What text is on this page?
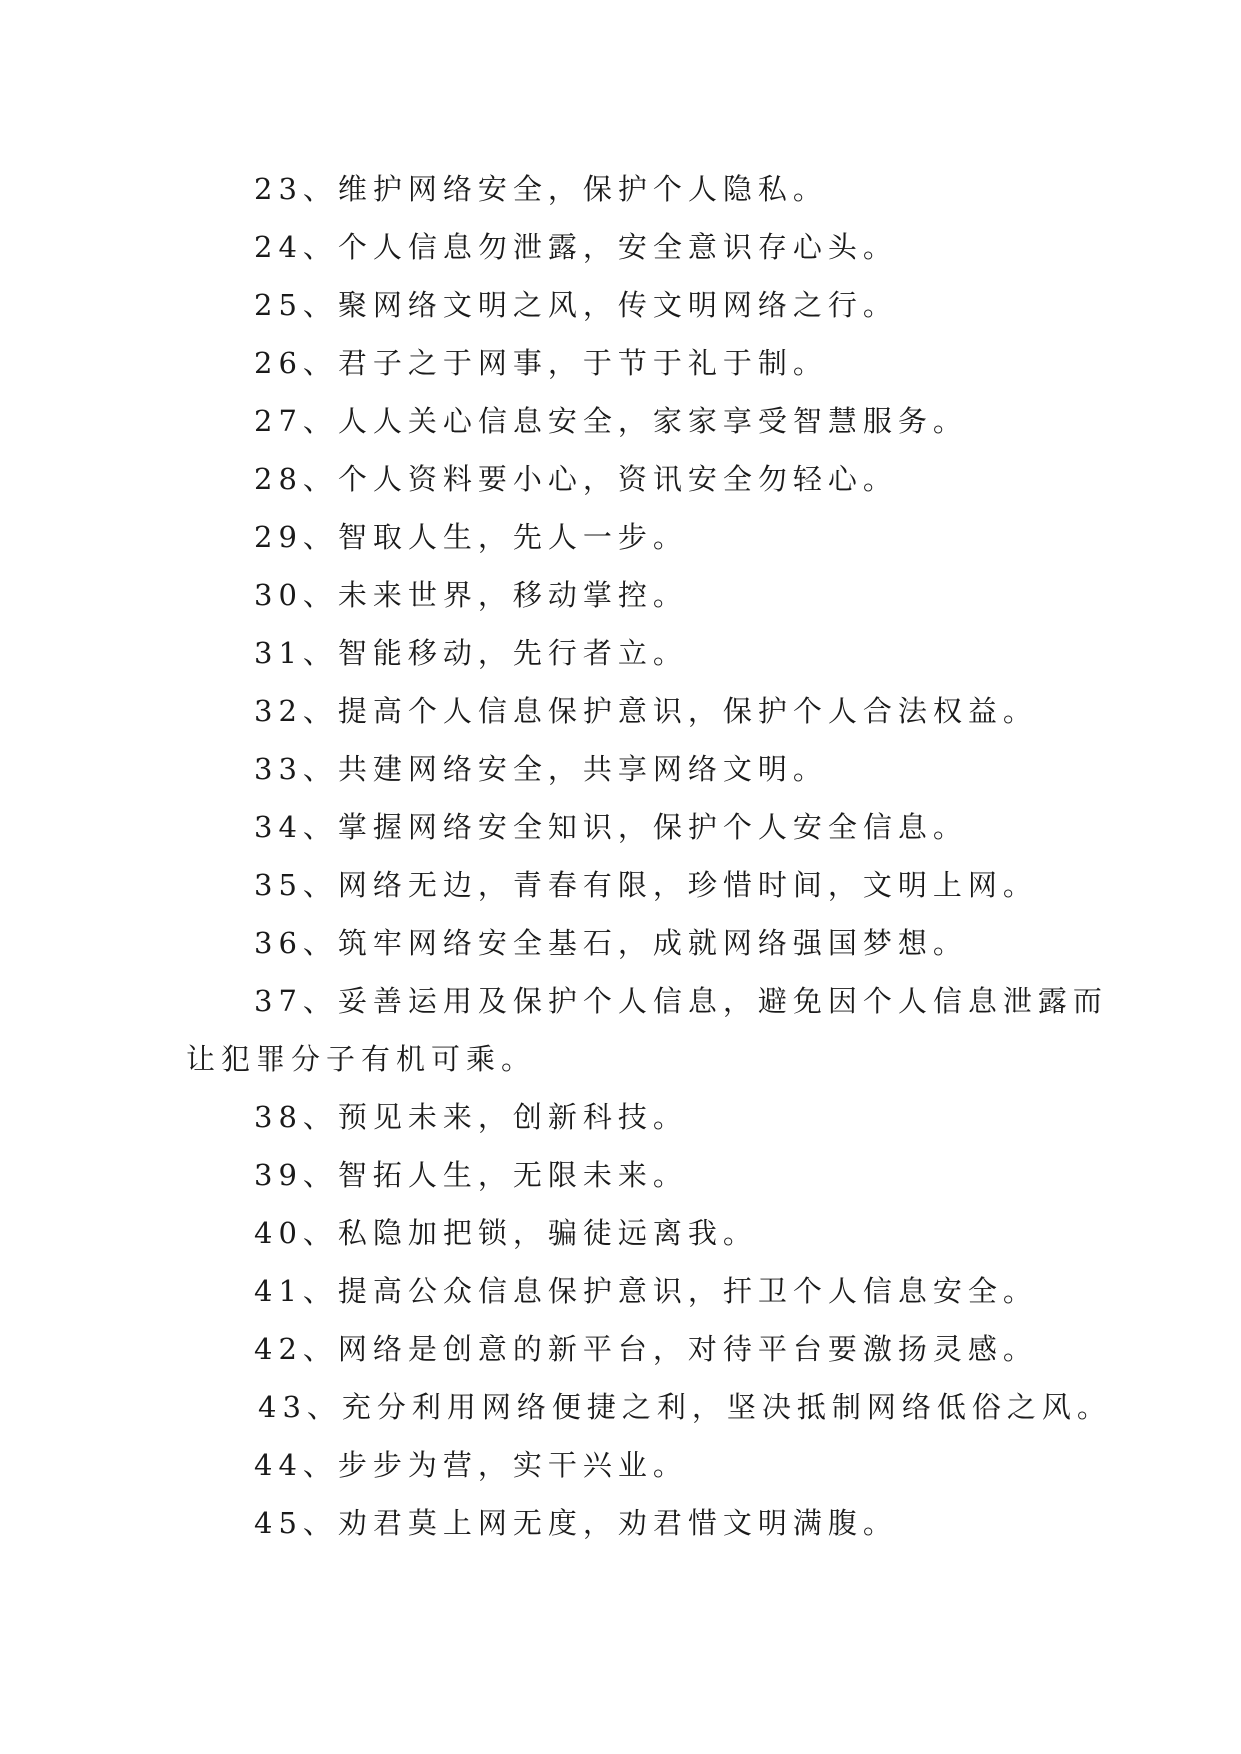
23、维护网络安全，保护个人隐私。
24、个人信息勿泄露，安全意识存心头。
25、聚网络文明之风，传文明网络之行。
26、君子之于网事，于节于礼于制。
27、人人关心信息安全，家家享受智慧服务。
28、个人资料要小心，资讯安全勿轻心。
29、智取人生，先人一步。
30、未来世界，移动掌控。
31、智能移动，先行者立。
32、提高个人信息保护意识，保护个人合法权益。
33、共建网络安全，共享网络文明。
34、掌握网络安全知识，保护个人安全信息。
35、网络无边，青春有限，珍惜时间，文明上网。
36、筑牢网络安全基石，成就网络强国梦想。
37、妥善运用及保护个人信息，避免因个人信息泄露而
让犯罪分子有机可乘。
38、预见未来，创新科技。
39、智拓人生，无限未来。
40、私隐加把锁，骗徒远离我。
41、提高公众信息保护意识，扞卫个人信息安全。
42、网络是创意的新平台，对待平台要激扬灵感。
43、充分利用网络便捷之利，坚决抵制网络低俗之风。
44、步步为营，实干兴业。
45、劝君莫上网无度，劝君惜文明满腹。
